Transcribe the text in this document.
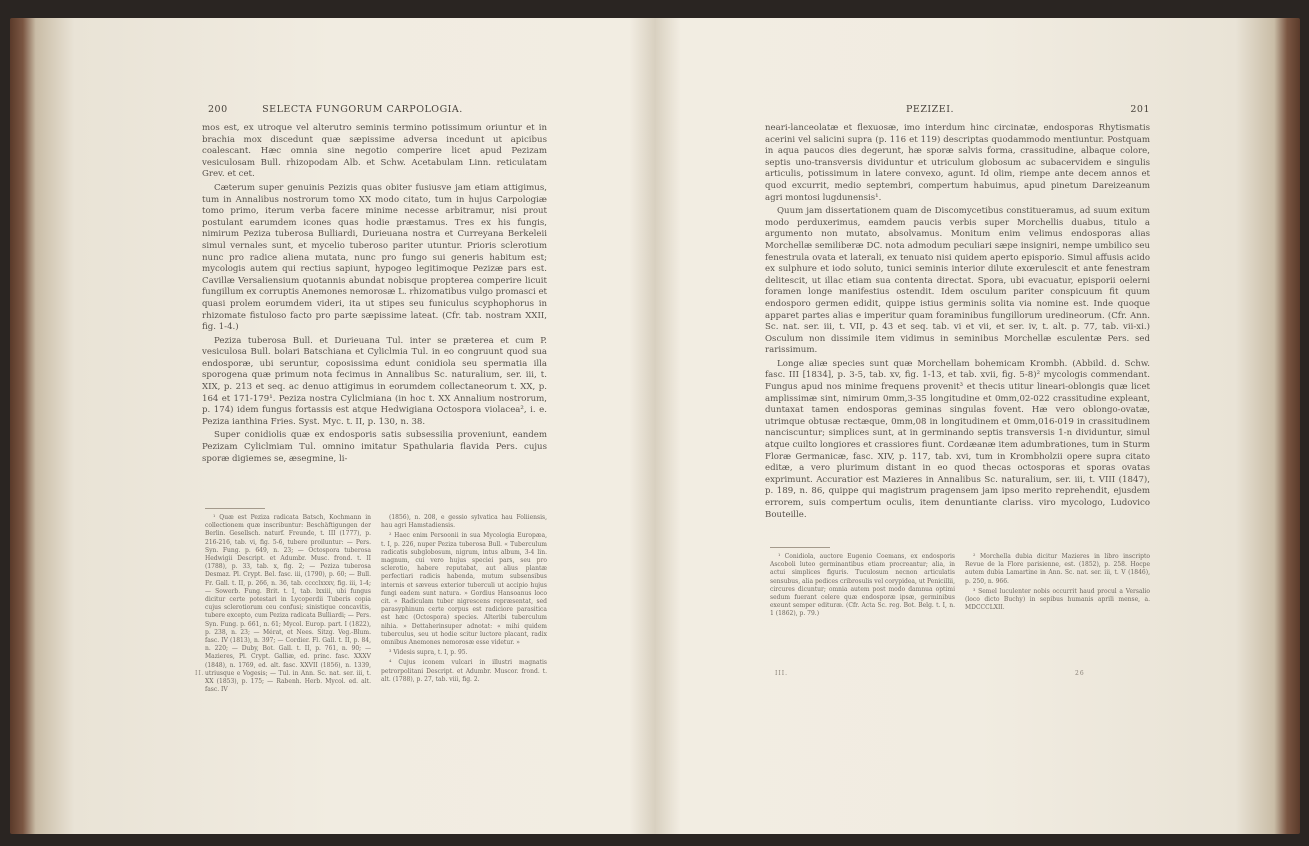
200	SELECTA FUNGORUM CARPOLOGIA.

mos est, ex utroque vel alterutro seminis termino potissimum oriuntur et in brachia mox discedunt quæ sæpissime adversa incedunt ut apicibus coalescant. Hæc omnia sine negotio comperire licet apud Pezizam vesiculosam Bull. rhizopodam Alb. et Schw. Acetabulam Linn. reticulatam Grev. et cet.

Cæterum super genuinis Pezizis quas obiter fusiusve jam etiam attigimus, tum in Annalibus nostrorum tomo XX modo citato, tum in hujus Carpologiæ tomo primo, iterum verba facere minime necesse arbitramur, nisi prout postulant earumdem icones quas hodie præstamus. Tres ex his fungis, nimirum Peziza tuberosa Bulliardi, Durieuana nostra et Curreyana Berkeleii simul vernales sunt, et mycelio tuberoso pariter utuntur. Prioris sclerotium nunc pro radice aliena mutata, nunc pro fungo sui generis habitum est; mycologis autem qui rectius sapiunt, hypogeo legitimoque Pezizæ pars est. Cavillæ Versaliensium quotannis abundat nobisque propterea comperire licuit fungillum ex corruptis Anemones nemorosæ L. rhizomatibus vulgo promasci et quasi prolem eorumdem videri, ita ut stipes seu funiculus scyphophorus in rhizomate fistuloso facto pro parte sæpissime lateat. (Cfr. tab. nostram XXII, fig. 1-4.)

Peziza tuberosa Bull. et Durieuana Tul. inter se præterea et cum P. vesiculosa Bull. bolari Batschiana et Cyliclmia Tul. in eo congruunt quod sua endosporæ, ubi seruntur, coposissima edunt conidiola seu spermatia illa sporogena quæ primum nota fecimus in Annalibus Sc. naturalium, ser. iii, t. XIX, p. 213 et seq. ac denuo attigimus in eorumdem collectaneorum t. XX, p. 164 et 171-179¹. Peziza nostra Cyliclmiana (in hoc t. XX Annalium nostrorum, p. 174) idem fungus fortassis est atque Hedwigiana Octospora violacea², i. e. Peziza ianthina Fries. Syst. Myc. t. II, p. 130, n. 38.

Super conidiolis quæ ex endosporis satis subsessilia proveniunt, eandem Pezizam Cyliclmiam Tul. omnino imitatur Spathularia flavida Pers. cujus sporæ digiemes se, æsegmine, li-

¹ Quæ est Peziza radicata Batsch, Kochmann in collectionem quæ inscribuntur: Beschäftigungen der Berlin. Gesellsch. naturf. Freunde, t. III (1777), p. 216-216, tab. vi, fig. 5-6, tubere proiluntur: — Pers. Syn. Fung. p. 649, n. 23; — Octospora tuberosa Hedwigii Descript. et Adumbr. Musc. frond. t. II (1788), p. 33, tab. x, fig. 2; — Peziza tuberosa Desmaz. Pl. Crypt. Bel. fasc. iii, (1790), p. 60; — Bull. Fr. Gall. t. II, p. 266, n. 36, tab. cccclxxxv, fig. iii, 1-4; — Sowerb. Fung. Brit. t. I, tab. lxxiii, ubi fungus dicitur certe potestari in Lycoperdii Tuberis copia cujus sclerotiorum ceu confusi; sinistique concavitis, tubere excepto, cum Peziza radicata Bulliardi; — Pers. Syn. Fung. p. 661, n. 61; Mycol. Europ. part. I (1822), p. 238, n. 23; — Mérat, et Nees. Sitzg. Veg.-Blum. fasc. IV (1813), n. 397; — Cordier. Fl. Gall. t. II, p. 84, n. 220; — Duby, Bot. Gall. t. II, p. 761, n. 90; — Mazieres, Pl. Crypt. Galliæ, ed. princ. fasc. XXXV (1848), n. 1769, ed. alt. fasc. XXVII (1856), n. 1339, utriusque e Vogesis; — Tul. in Ann. Sc. nat. ser. iii, t. XX (1853), p. 175; — Rabenh. Herb. Mycol. ed. alt. fasc. IV

(1856), n. 208, e gessio sylvatica hau Foliiensis, hau agri Hamstadiensis.

² Haec enim Persoonii in sua Mycologia Europæa, t. I, p. 226, nuper Peziza tuberosa Bull. « Tuberculum radicatis subglobosum, nigrum, intus album, 3-4 lin. magnum, cui vero hujus speciei pars, seu pro sclerotio, habere reputabat, aut alius plantæ perfectiari radicis habenda, mutum subsensibus internis et sæveus exterior tuberculi ut accipio hujus fungi eadem sunt natura. » Gordius Hansoanus loco cit. « Radiculam tuber nigrescens repræsentat, sed parasyphinum certe corpus est radiciore parasitica est hæc (Octospora) species. Alteribi tuberculum nihia. » Dettaherinsuper adnotat: « mihi quidem tuberculus, seu ut hodie scitur luctore placant, radix omnibus Anemones nemorosæ esse videtur. »

³ Videsis supra, t. I, p. 95.

⁴ Cujus iconem vulcari in illustri magnatis petrorpolitani Descript. et Adumbr. Muscor. frond. t. alt. (1788), p. 27, tab. viii, fig. 2.

II.
PEZIZEI.	201

neari-lanceolatæ et flexuosæ, imo interdum hinc circinatæ, endosporas Rhytismatis acerini vel salicini supra (p. 116 et 119) descriptas quodammodo mentiuntur. Postquam in aqua paucos dies degerunt, hæ sporæ salvis forma, crassitudine, albaque colore, septis uno-transversis dividuntur et utriculum globosum ac subacervidem e singulis articulis, potissimum in latere convexo, agunt. Id olim, riempe ante decem annos et quod excurrit, medio septembri, compertum habuimus, apud pinetum Dareizeanum agri montosi lugdunensis¹.

Quum jam dissertationem quam de Discomycetibus constitueramus, ad suum exitum modo perduxerimus, eamdem paucis verbis super Morchellis duabus, titulo a argumento non mutato, absolvamus. Monitum enim velimus endosporas alias Morchellæ semiliberæ DC. nota admodum peculiari sæpe insigniri, nempe umbilico seu fenestrula ovata et laterali, ex tenuato nisi quidem aperto episporio. Simul affusis acido ex sulphure et iodo soluto, tunici seminis interior dilute exœrulescit et ante fenestram delitescit, ut illac etiam sua contenta directat. Spora, ubi evacuatur, episporii oelerni foramen longe manifestius ostendit. Idem osculum pariter conspicuum fit quum endosporo germen edidit, quippe istius germinis solita via nomine est. Inde quoque apparet partes alias e imperitur quam foraminibus fungillorum uredineorum. (Cfr. Ann. Sc. nat. ser. iii, t. VII, p. 43 et seq. tab. vi et vii, et ser. iv, t. alt. p. 77, tab. vii-xi.) Osculum non dissimile item vidimus in seminibus Morchellæ esculentæ Pers. sed rarissimum.

Longe aliæ species sunt quæ Morchellam bohemicam Krombh. (Abbild. d. Schw. fasc. III [1834], p. 3-5, tab. xv, fig. 1-13, et tab. xvii, fig. 5-8)² mycologis commendant. Fungus apud nos minime frequens provenit³ et thecis utitur lineari-oblongis quæ licet amplissimæ sint, nimirum 0mm,3-35 longitudine et 0mm,02-022 crassitudine expleant, duntaxat tamen endosporas geminas singulas fovent. Hæ vero oblongo-ovatæ, utrimque obtusæ rectæque, 0mm,08 in longitudinem et 0mm,016-019 in crassitudinem nanciscuntur; simplices sunt, at in germinando septis transversis 1-n dividuntur, simul atque cuilto longiores et crassiores fiunt. Cordæanæ item adumbrationes, tum in Sturm Floræ Germanicæ, fasc. XIV, p. 117, tab. xvi, tum in Krombholzii opere supra citato editæ, a vero plurimum distant in eo quod thecas octosporas et sporas ovatas exprimunt. Accuratior est Mazieres in Annalibus Sc. naturalium, ser. iii, t. VIII (1847), p. 189, n. 86, quippe qui magistrum pragensem jam ipso merito reprehendit, ejusdem errorem, suis compertum oculis, item denuntiante clariss. viro mycologo, Ludovico Bouteille.

¹ Conidiola, auctore Eugenio Coemans, ex endosporis Ascoboli luteo germinantibus etiam procreantur; alia, in actui simplices figuris. Tuculosum necnon articulatis sensubus, alia pedices cribrosulis vel corypidea, ut Penicillii, circures dicuntur; omnia autem post modo damnua optimi sedum fuerant celere quæ endosporæ ipsæ, germinibus exeunt semper edituræ. (Cfr. Acta Sc. reg. Bot. Belg. t. I, n. 1 (1862), p. 79.)

² Morchella dubia dicitur Mazieres in libro inscripto Revue de la Flore parisienne, est. (1852), p. 258. Hocpe autem dubia Lamartine in Ann. Sc. nat. ser. iii, t. V (1846), p. 250, n. 966.

³ Semel luculenter nobis occurrit haud procul a Versalio (loco dicto Buchy) in sepibus humanis aprili mense, a. MDCCCLXII.

III.	26
